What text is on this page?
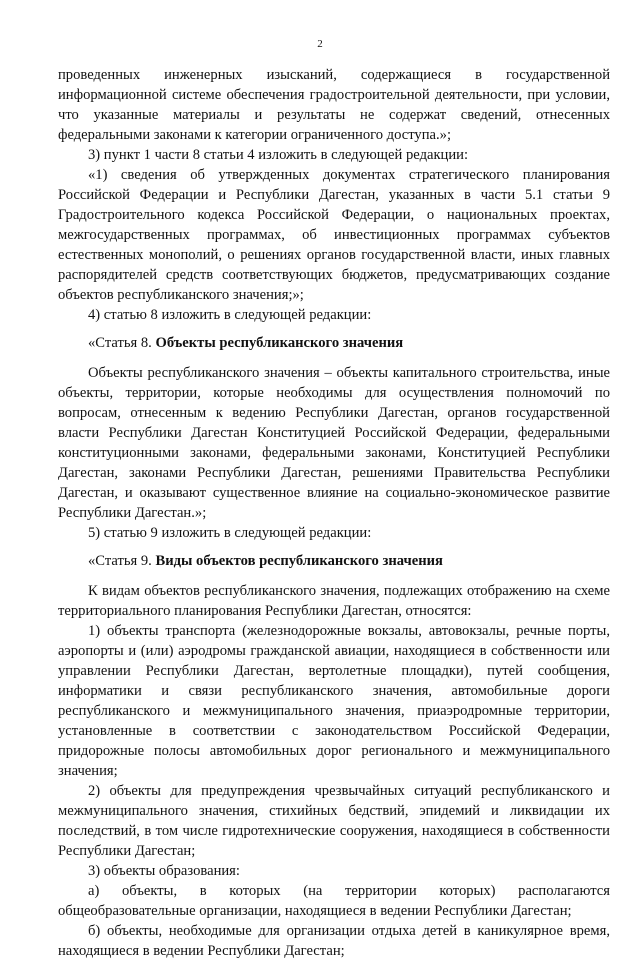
2

проведенных инженерных изысканий, содержащиеся в государственной информационной системе обеспечения градостроительной деятельности, при условии, что указанные материалы и результаты не содержат сведений, отнесенных федеральными законами к категории ограниченного доступа.»;

3) пункт 1 части 8 статьи 4 изложить в следующей редакции:

«1) сведения об утвержденных документах стратегического планирования Российской Федерации и Республики Дагестан, указанных в части 5.1 статьи 9 Градостроительного кодекса Российской Федерации, о национальных проектах, межгосударственных программах, об инвестиционных программах субъектов естественных монополий, о решениях органов государственной власти, иных главных распорядителей средств соответствующих бюджетов, предусматривающих создание объектов республиканского значения;»;

4) статью 8 изложить в следующей редакции:

«Статья 8. Объекты республиканского значения

Объекты республиканского значения – объекты капитального строительства, иные объекты, территории, которые необходимы для осуществления полномочий по вопросам, отнесенным к ведению Республики Дагестан, органов государственной власти Республики Дагестан Конституцией Российской Федерации, федеральными конституционными законами, федеральными законами, Конституцией Республики Дагестан, законами Республики Дагестан, решениями Правительства Республики Дагестан, и оказывают существенное влияние на социально-экономическое развитие Республики Дагестан.»;

5) статью 9 изложить в следующей редакции:

«Статья 9. Виды объектов республиканского значения

К видам объектов республиканского значения, подлежащих отображению на схеме территориального планирования Республики Дагестан, относятся:

1) объекты транспорта (железнодорожные вокзалы, автовокзалы, речные порты, аэропорты и (или) аэродромы гражданской авиации, находящиеся в собственности или управлении Республики Дагестан, вертолетные площадки), путей сообщения, информатики и связи республиканского значения, автомобильные дороги республиканского и межмуниципального значения, приаэродромные территории, установленные в соответствии с законодательством Российской Федерации, придорожные полосы автомобильных дорог регионального и межмуниципального значения;

2) объекты для предупреждения чрезвычайных ситуаций республиканского и межмуниципального значения, стихийных бедствий, эпидемий и ликвидации их последствий, в том числе гидротехнические сооружения, находящиеся в собственности Республики Дагестан;

3) объекты образования:

а) объекты, в которых (на территории которых) располагаются общеобразовательные организации, находящиеся в ведении Республики Дагестан;

б) объекты, необходимые для организации отдыха детей в каникулярное время, находящиеся в ведении Республики Дагестан;
